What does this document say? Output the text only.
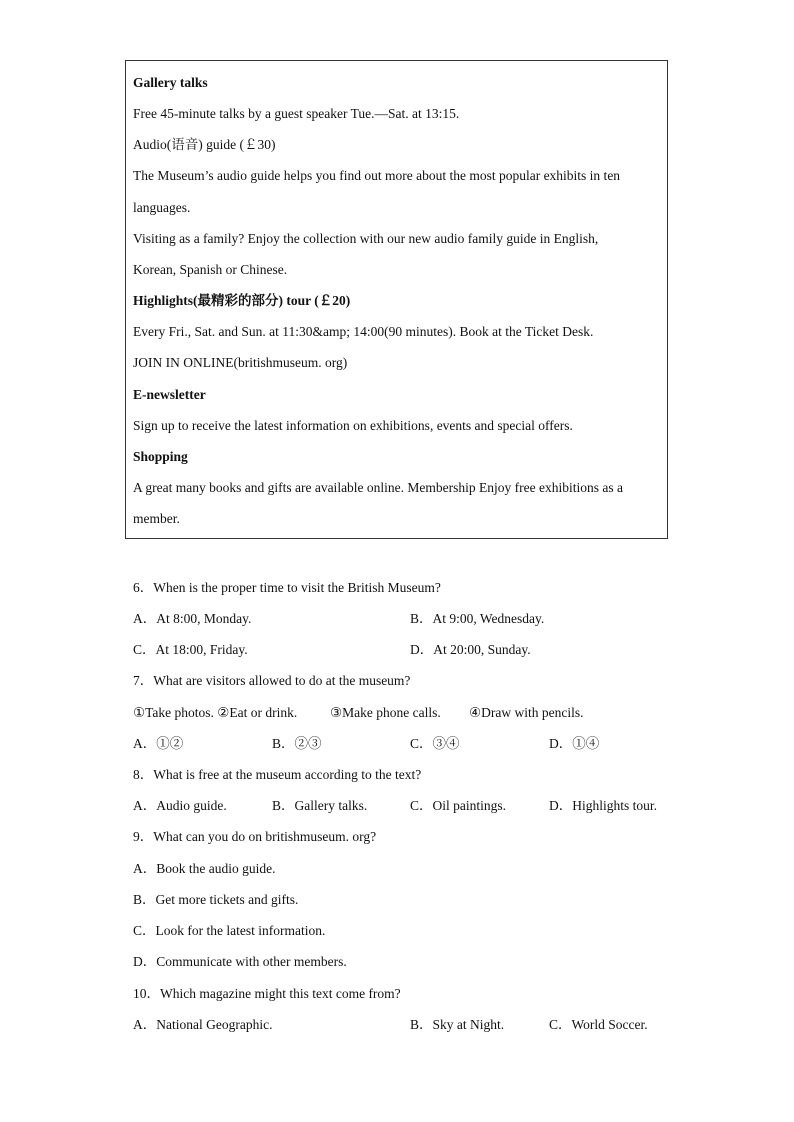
Gallery talks
Free 45-minute talks by a guest speaker Tue.—Sat. at 13:15.
Audio(语音) guide (￡30)
The Museum’s audio guide helps you find out more about the most popular exhibits in ten
languages.
Visiting as a family? Enjoy the collection with our new audio family guide in English,
Korean, Spanish or Chinese.
Highlights(最精彩的部分) tour (￡20)
Every Fri., Sat. and Sun. at 11:30&amp; 14:00(90 minutes). Book at the Ticket Desk.
JOIN IN ONLINE(britishmuseum. org)
E-newsletter
Sign up to receive the latest information on exhibitions, events and special offers.
Shopping
A great many books and gifts are available online. Membership Enjoy free exhibitions as a
member.
6．When is the proper time to visit the British Museum?
A．At 8:00, Monday.	B．At 9:00, Wednesday.
C．At 18:00, Friday.	D．At 20:00, Sunday.
7．What are visitors allowed to do at the museum?
①Take photos. ②Eat or drink. ③Make phone calls. ④Draw with pencils.
A．①②	B．②③	C．③④	D．①④
8．What is free at the museum according to the text?
A．Audio guide.	B．Gallery talks.	C．Oil paintings.	D．Highlights tour.
9．What can you do on britishmuseum. org?
A．Book the audio guide.
B．Get more tickets and gifts.
C．Look for the latest information.
D．Communicate with other members.
10．Which magazine might this text come from?
A．National Geographic.	B．Sky at Night.	C．World Soccer.
